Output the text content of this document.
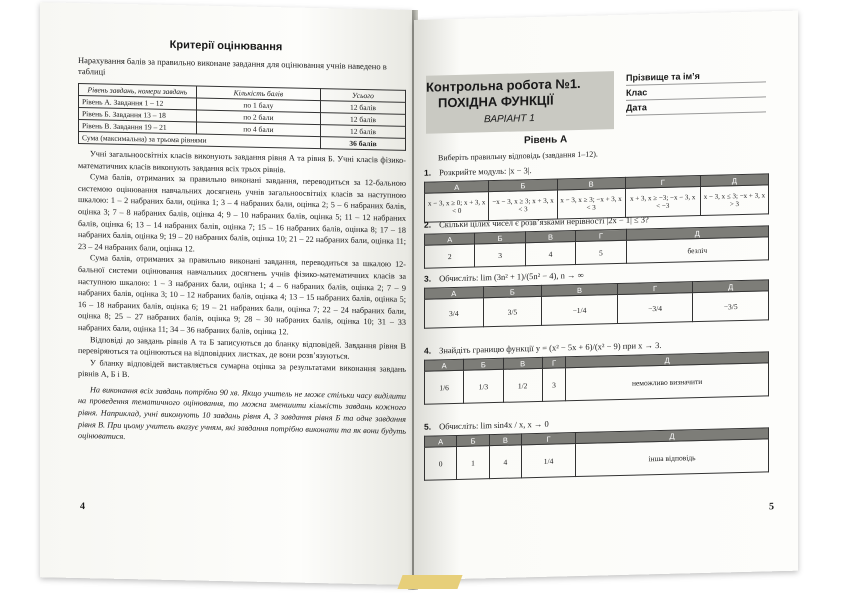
Критерії оцінювання

Нарахування балів за правильно виконане завдання для оцінювання учнів наведено в таблиці

Рівень завдань, номери завдань	Кількість балів	Усього
Рівень А. Завдання 1 – 12	по 1 балу	12 балів
Рівень Б. Завдання 13 – 18	по 2 бали	12 балів
Рівень В. Завдання 19 – 21	по 4 бали	12 балів
Сума (максимальна) за трьома рівнями		36 балів

Учні загальноосвітніх класів виконують завдання рівня А та рівня Б. Учні класів фізико-математичних класів виконують завдання всіх трьох рівнів.

Сума балів, отриманих за правильно виконані завдання, переводиться за 12-бальною системою оцінювання навчальних досягнень учнів загальноосвітніх класів за наступною шкалою: 1 – 2 набраних бали, оцінка 1; 3 – 4 набраних бали, оцінка 2; 5 – 6 набраних балів, оцінка 3; 7 – 8 набраних балів, оцінка 4; 9 – 10 набраних балів, оцінка 5; 11 – 12 набраних балів, оцінка 6; 13 – 14 набраних балів, оцінка 7; 15 – 16 набраних балів, оцінка 8; 17 – 18 набраних балів, оцінка 9; 19 – 20 набраних балів, оцінка 10; 21 – 22 набраних бали, оцінка 11; 23 – 24 набраних бали, оцінка 12.

Сума балів, отриманих за правильно виконані завдання, переводиться за шкалою 12-бальної системи оцінювання навчальних досягнень учнів фізико-математичних класів за наступною шкалою: 1 – 3 набраних бали, оцінка 1; 4 – 6 набраних балів, оцінка 2; 7 – 9 набраних балів, оцінка 3; 10 – 12 набраних балів, оцінка 4; 13 – 15 набраних балів, оцінка 5; 16 – 18 набраних балів, оцінка 6; 19 – 21 набраних бали, оцінка 7; 22 – 24 набраних бали, оцінка 8; 25 – 27 набраних балів, оцінка 9; 28 – 30 набраних балів, оцінка 10; 31 – 33 набраних бали, оцінка 11; 34 – 36 набраних балів, оцінка 12.

Відповіді до завдань рівнів А та Б записуються до бланку відповідей. Завдання рівня В перевіряються та оцінюються на відповідних листках, де вони розв’язуються.

У бланку відповідей виставляється сумарна оцінка за результатами виконання завдань рівнів А, Б і В.

На виконання всіх завдань потрібно 90 хв. Якщо учитель не може стільки часу виділити на проведення тематичного оцінювання, то можна зменшити кількість завдань кожного рівня. Наприклад, учні виконують 10 завдань рівня А, 3 завдання рівня Б та одне завдання рівня В. При цьому учитель вказує учням, які завдання потрібно виконати та як вони будуть оцінюватися.

4
Контрольна робота №1.
ПОХІДНА ФУНКЦІЇ
ВАРІАНТ 1
Прізвище та ім’я
Клас
Дата
Рівень А
Виберіть правильну відповідь (завдання 1–12).
1. Розкрийте модуль: |x − 3|.
А	Б	В	Г	Д
x − 3, x ≥ 0; x + 3, x < 0	−x − 3, x ≥ 3; x + 3, x < 3	x − 3, x ≥ 3; −x + 3, x < 3	x + 3, x ≥ −3; −x − 3, x < −3	x − 3, x ≤ 3; −x + 3, x > 3
2. Скільки цілих чисел є розв’язками нерівності |2x − 1| ≤ 3?
А	Б	В	Г	Д
2	3	4	5	безліч
3. Обчисліть: lim (3n² + 1)/(5n² − 4), n → ∞
А	Б	В	Г	Д
3/4	3/5	−1/4	−3/4	−3/5
4. Знайдіть границю функції y = (x² − 5x + 6)/(x² − 9) при x → 3.
А	Б	В	Г	Д
1/6	1/3	1/2	3	неможливо визначити
5. Обчисліть: lim sin4x / x, x → 0
А	Б	В	Г	Д
0	1	4	1/4	інша відповідь
5
